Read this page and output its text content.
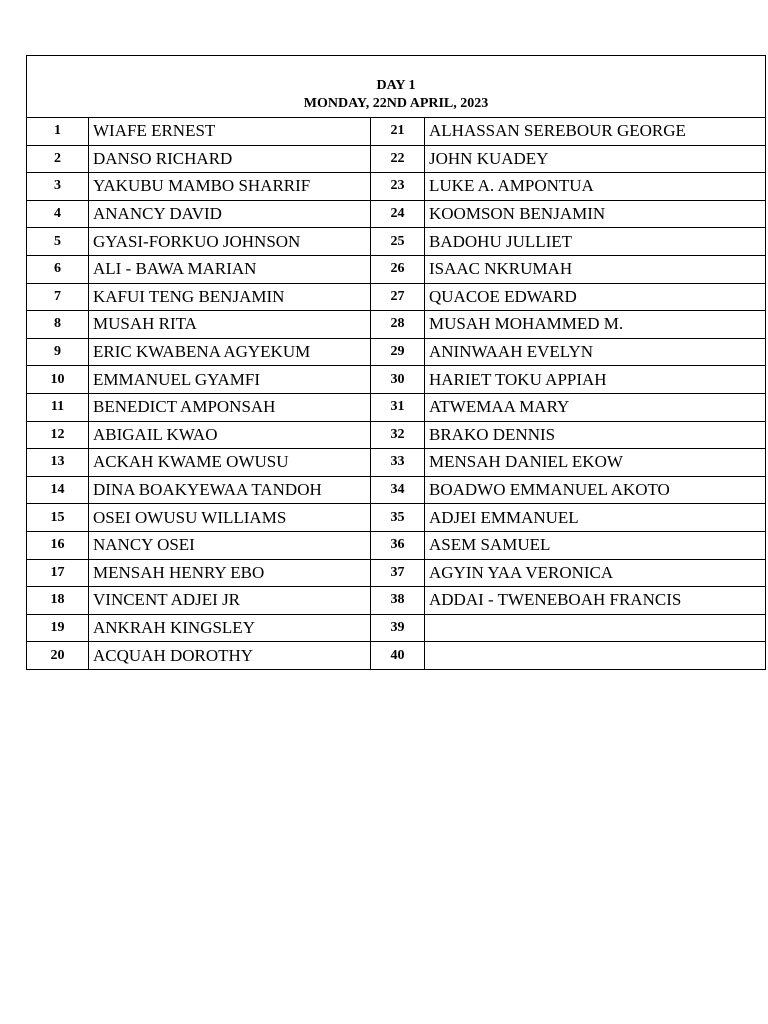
DAY 1
MONDAY, 22ND APRIL, 2023			

1	WIAFE ERNEST	21	ALHASSAN SEREBOUR GEORGE
2	DANSO RICHARD	22	JOHN KUADEY
3	YAKUBU MAMBO SHARRIF	23	LUKE A. AMPONTUA
4	ANANCY DAVID	24	KOOMSON BENJAMIN
5	GYASI-FORKUO JOHNSON	25	BADOHU JULLIET
6	ALI - BAWA MARIAN	26	ISAAC NKRUMAH
7	KAFUI TENG BENJAMIN	27	QUACOE EDWARD
8	MUSAH RITA	28	MUSAH MOHAMMED M.
9	ERIC KWABENA AGYEKUM	29	ANINWAAH EVELYN
10	EMMANUEL GYAMFI	30	HARIET TOKU APPIAH
11	BENEDICT AMPONSAH	31	ATWEMAA MARY
12	ABIGAIL KWAO	32	BRAKO DENNIS
13	ACKAH KWAME OWUSU	33	MENSAH DANIEL EKOW
14	DINA BOAKYEWAA TANDOH	34	BOADWO EMMANUEL AKOTO
15	OSEI OWUSU WILLIAMS	35	ADJEI EMMANUEL
16	NANCY OSEI	36	ASEM SAMUEL
17	MENSAH HENRY EBO	37	AGYIN YAA VERONICA
18	VINCENT ADJEI JR	38	ADDAI - TWENEBOAH FRANCIS
19	ANKRAH KINGSLEY	39	
20	ACQUAH DOROTHY	40	
